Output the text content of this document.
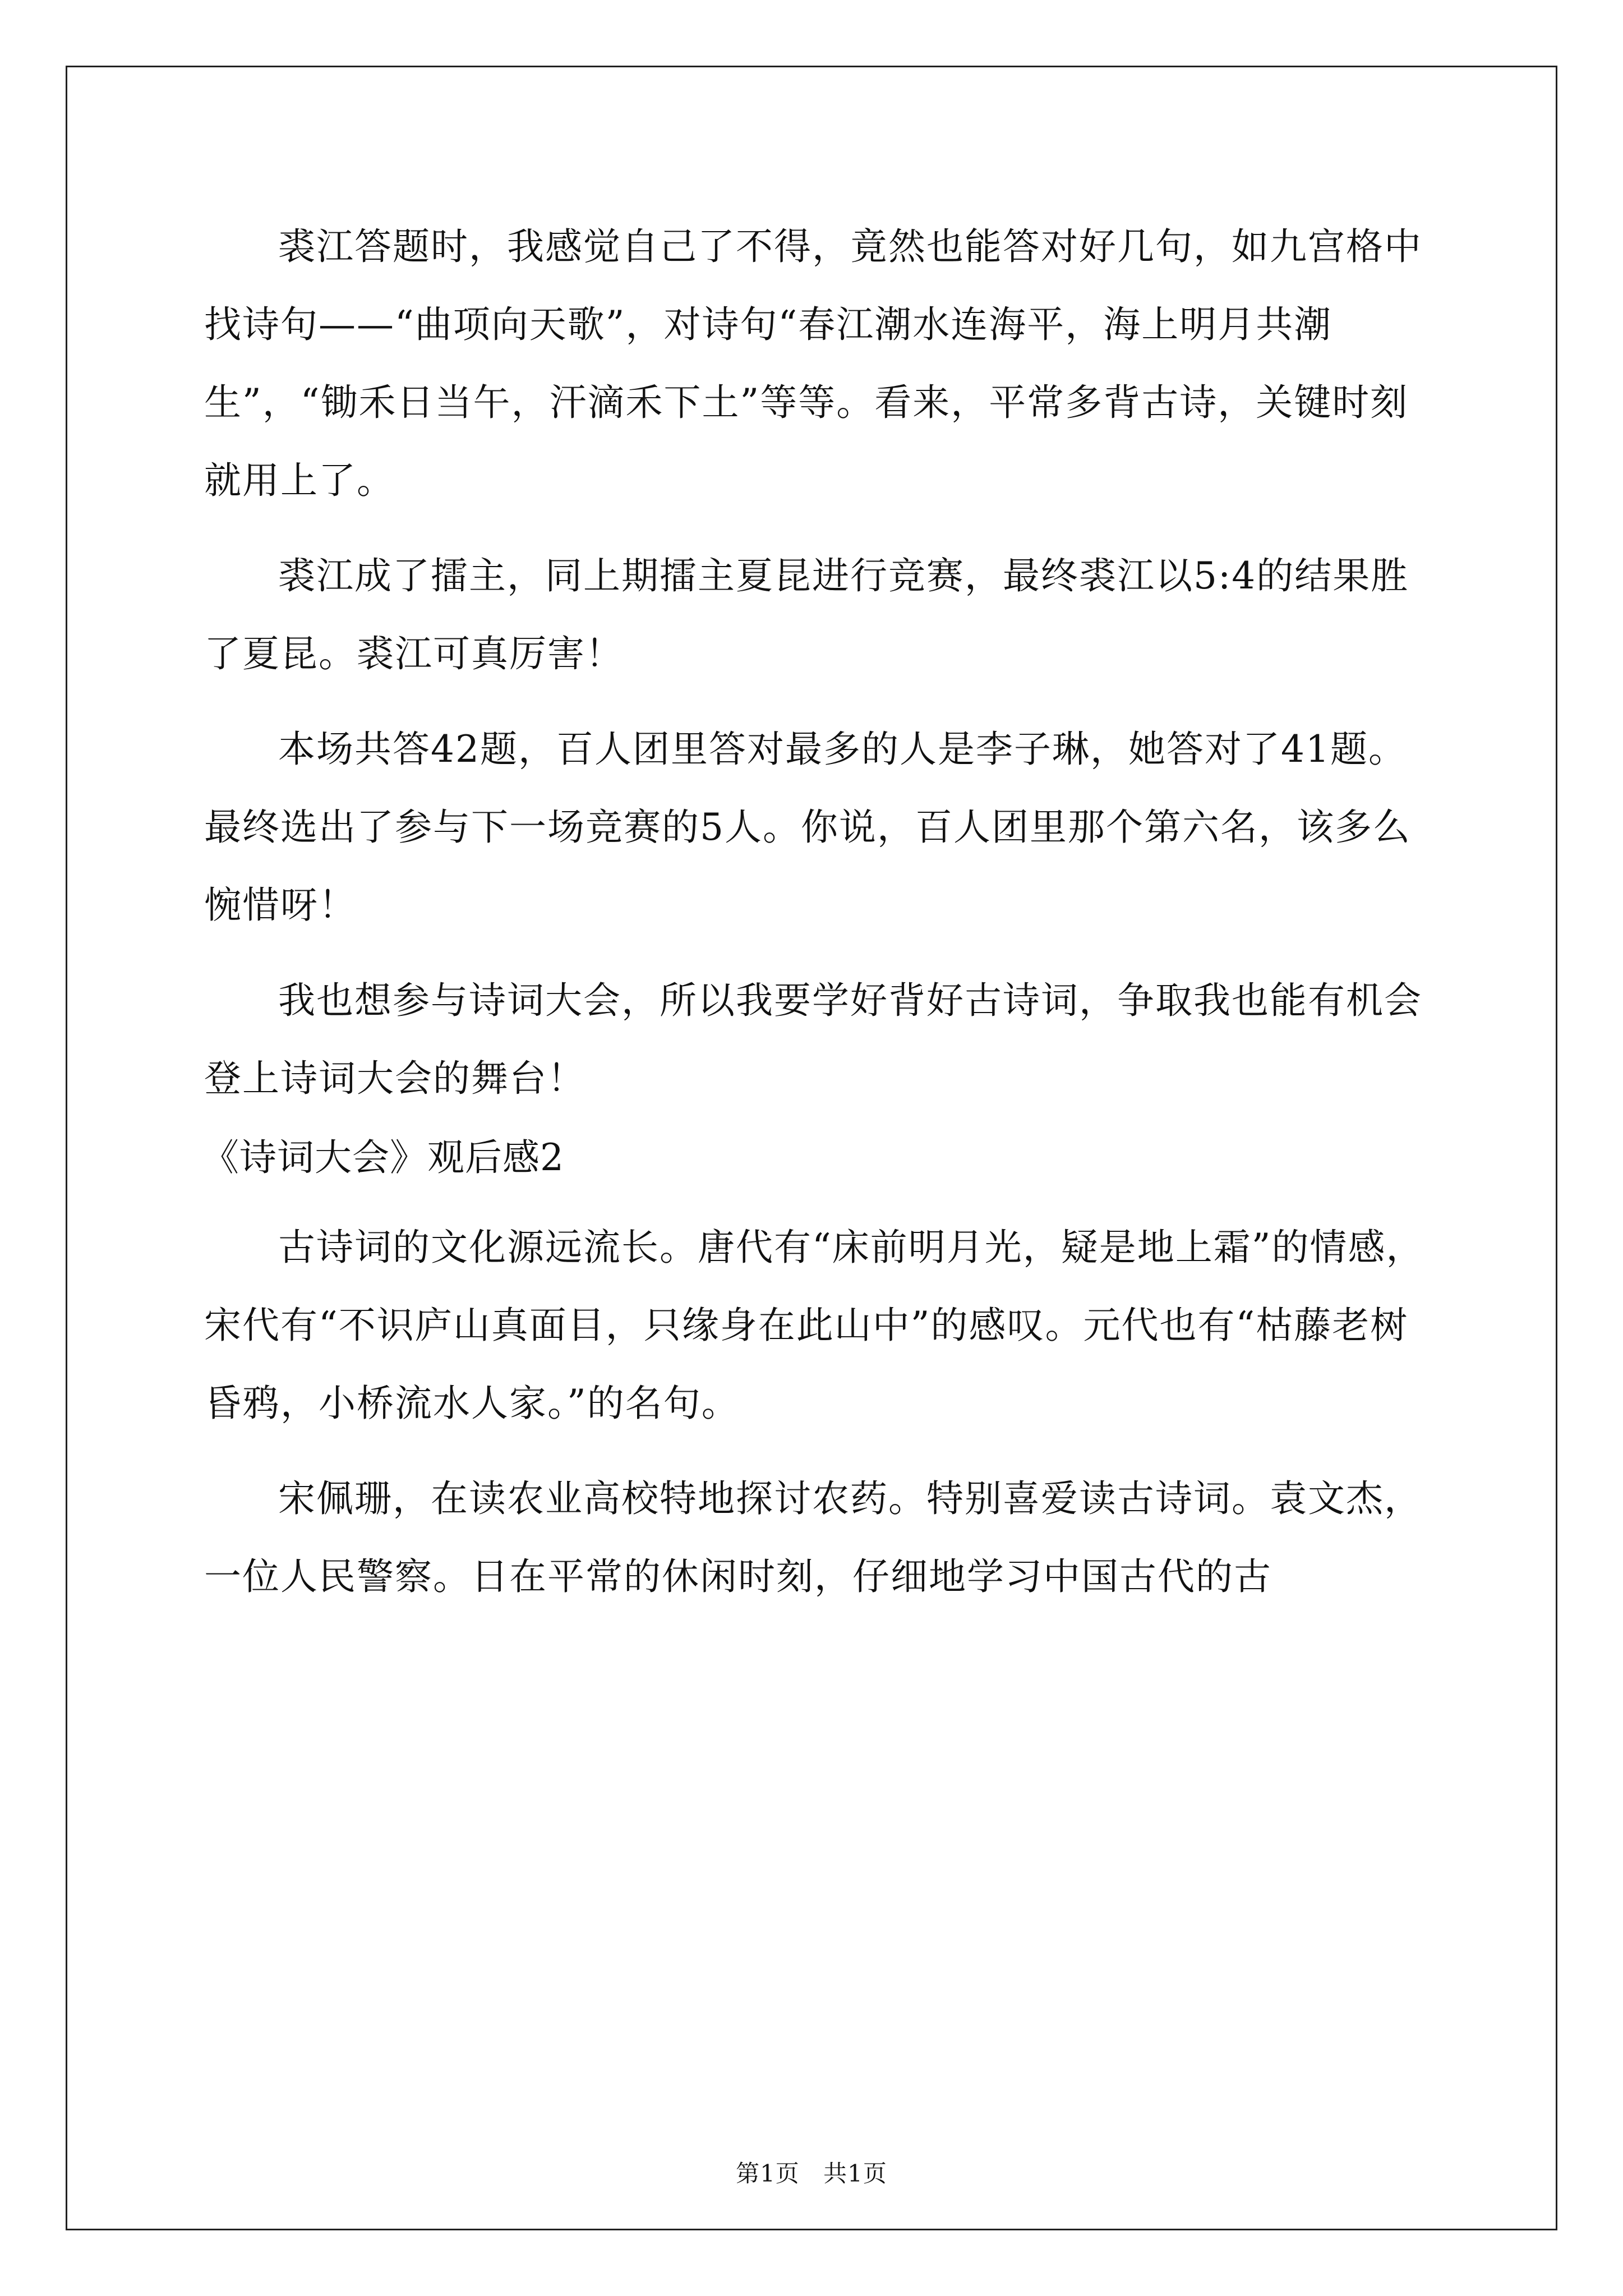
裘江答题时，我感觉自己了不得，竟然也能答对好几句，如九宫格中找诗句——“曲项向天歌”，对诗句“春江潮水连海平，海上明月共潮生”，“锄禾日当午，汗滴禾下土”等等。看来，平常多背古诗，关键时刻就用上了。

裘江成了擂主，同上期擂主夏昆进行竞赛，最终裘江以5:4的结果胜了夏昆。裘江可真厉害！

本场共答42题，百人团里答对最多的人是李子琳，她答对了41题。最终选出了参与下一场竞赛的5人。你说，百人团里那个第六名，该多么惋惜呀！

我也想参与诗词大会，所以我要学好背好古诗词，争取我也能有机会登上诗词大会的舞台！

《诗词大会》观后感2

古诗词的文化源远流长。唐代有“床前明月光，疑是地上霜”的情感，宋代有“不识庐山真面目，只缘身在此山中”的感叹。元代也有“枯藤老树昏鸦，小桥流水人家。”的名句。

宋佩珊，在读农业高校特地探讨农药。特别喜爱读古诗词。袁文杰，一位人民警察。日在平常的休闲时刻，仔细地学习中国古代的古

第1页 共1页
